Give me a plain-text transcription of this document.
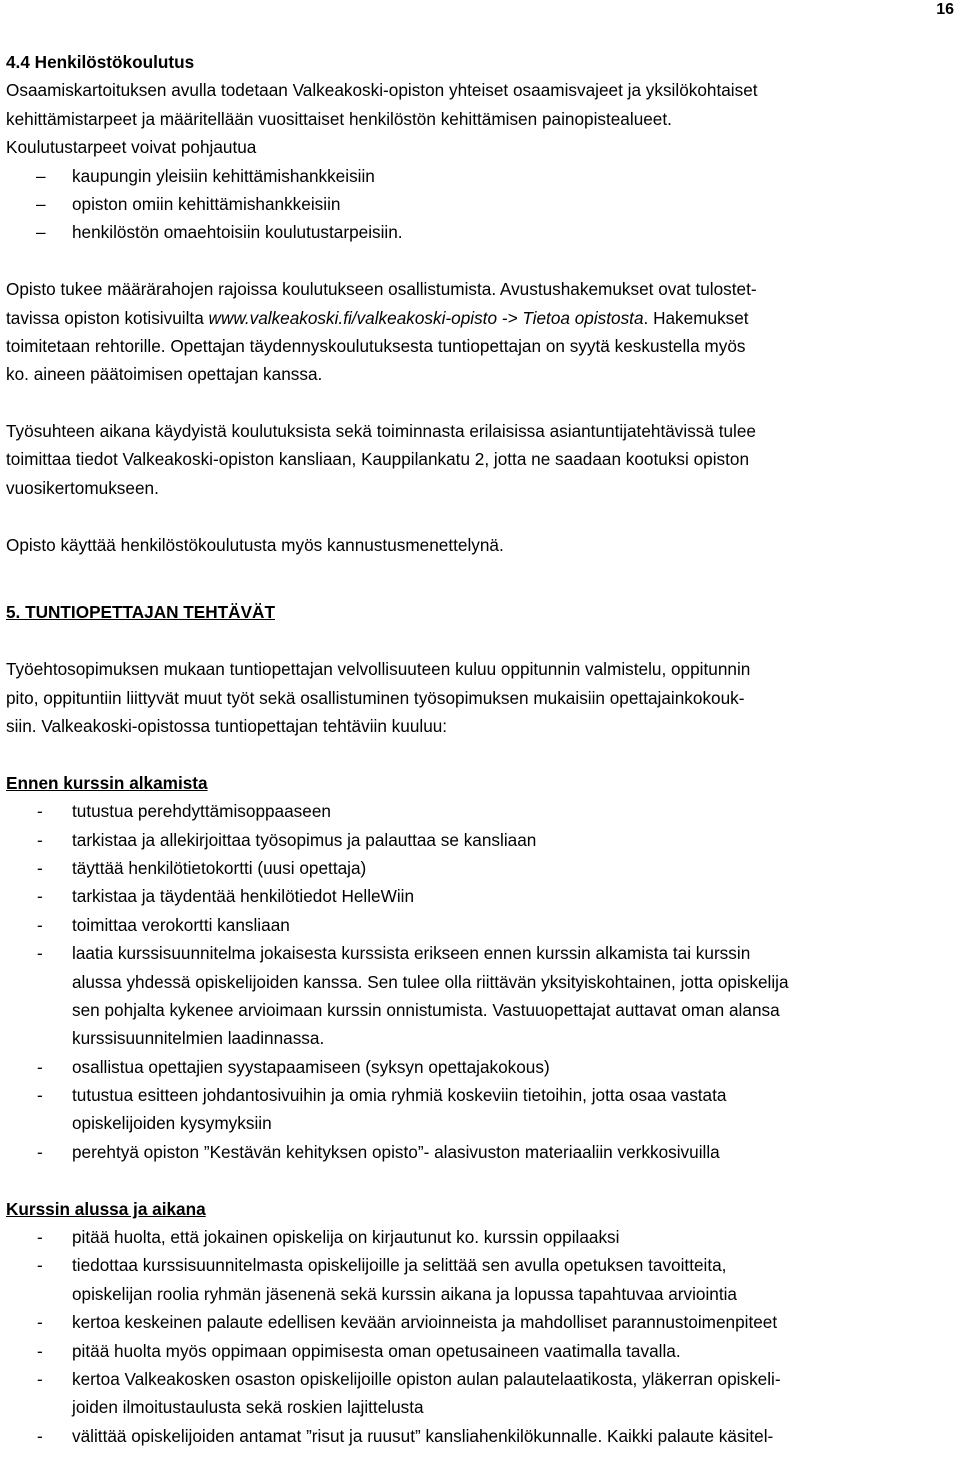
16
4.4 Henkilöstökoulutus
Osaamiskartoituksen avulla todetaan Valkeakoski-opiston yhteiset osaamisvajeet ja yksilökohtaiset
kehittämistarpeet ja määritellään vuosittaiset henkilöstön kehittämisen painopistealueet.
Koulutustarpeet voivat pohjautua
–	kaupungin yleisiin kehittämishankkeisiin
–	opiston omiin kehittämishankkeisiin
–	henkilöstön omaehtoisiin koulutustarpeisiin.
Opisto tukee määrärahojen rajoissa koulutukseen osallistumista. Avustushakemukset ovat tulostet-
tavissa opiston kotisivuilta www.valkeakoski.fi/valkeakoski-opisto -> Tietoa opistosta. Hakemukset
toimitetaan rehtorille. Opettajan täydennyskoulutuksesta tuntiopettajan on syytä keskustella myös
ko. aineen päätoimisen opettajan kanssa.
Työsuhteen aikana käydyistä koulutuksista sekä toiminnasta erilaisissa asiantuntijatehtävissä tulee
toimittaa tiedot Valkeakoski-opiston kansliaan, Kauppilankatu 2, jotta ne saadaan kootuksi opiston
vuosikertomukseen.
Opisto käyttää henkilöstökoulutusta myös kannustusmenettelynä.
5. TUNTIOPETTAJAN TEHTÄVÄT
Työehtosopimuksen mukaan tuntiopettajan velvollisuuteen kuluu oppitunnin valmistelu, oppitunnin
pito, oppituntiin liittyvät muut työt sekä osallistuminen työsopimuksen mukaisiin opettajainkokouk-
siin. Valkeakoski-opistossa tuntiopettajan tehtäviin kuuluu:
Ennen kurssin alkamista
-	tutustua perehdyttämisoppaaseen
-	tarkistaa ja allekirjoittaa työsopimus ja palauttaa se kansliaan
-	täyttää henkilötietokortti (uusi opettaja)
-	tarkistaa ja täydentää henkilötiedot HelleWiin
-	toimittaa verokortti kansliaan
-	laatia kurssisuunnitelma jokaisesta kurssista erikseen ennen kurssin alkamista tai kurssin
alussa yhdessä opiskelijoiden kanssa. Sen tulee olla riittävän yksityiskohtainen, jotta opiskelija
sen pohjalta kykenee arvioimaan kurssin onnistumista. Vastuuopettajat auttavat oman alansa
kurssisuunnitelmien laadinnassa.
-	osallistua opettajien syystapaamiseen (syksyn opettajakokous)
-	tutustua esitteen johdantosivuihin ja omia ryhmiä koskeviin tietoihin, jotta osaa vastata
opiskelijoiden kysymyksiin
-	perehtyä opiston ”Kestävän kehityksen opisto”- alasivuston materiaaliin verkkosivuilla
Kurssin alussa ja aikana
-	pitää huolta, että jokainen opiskelija on kirjautunut ko. kurssin oppilaaksi
-	tiedottaa kurssisuunnitelmasta opiskelijoille ja selittää sen avulla opetuksen tavoitteita,
opiskelijan roolia ryhmän jäsenenä sekä kurssin aikana ja lopussa tapahtuvaa arviointia
-	kertoa keskeinen palaute edellisen kevään arvioinneista ja mahdolliset parannustoimenpiteet
-	pitää huolta myös oppimaan oppimisesta oman opetusaineen vaatimalla tavalla.
-	kertoa Valkeakosken osaston opiskelijoille opiston aulan palautelaatikosta, yläkerran opiskeli-
joiden ilmoitustaulusta sekä roskien lajittelusta
-	välittää opiskelijoiden antamat ”risut ja ruusut” kansliahenkilökunnalle. Kaikki palaute käsitel-
